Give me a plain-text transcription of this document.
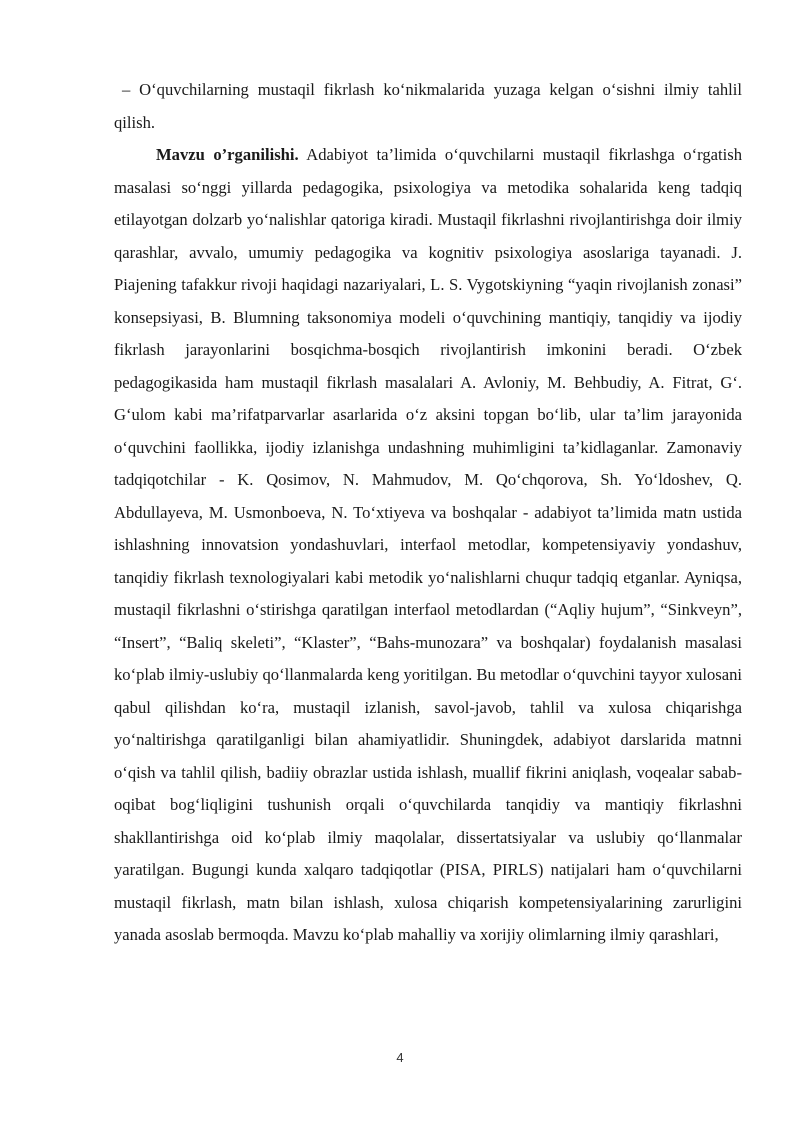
– O‘quvchilarning mustaqil fikrlash ko‘nikmalarida yuzaga kelgan o‘sishni ilmiy tahlil qilish.

Mavzu o’rganilishi. Adabiyot ta’limida o‘quvchilarni mustaqil fikrlashga o‘rgatish masalasi so‘nggi yillarda pedagogika, psixologiya va metodika sohalarida keng tadqiq etilayotgan dolzarb yo‘nalishlar qatoriga kiradi. Mustaqil fikrlashni rivojlantirishga doir ilmiy qarashlar, avvalo, umumiy pedagogika va kognitiv psixologiya asoslariga tayanadi. J. Piajening tafakkur rivoji haqidagi nazariyalari, L. S. Vygotskiyning “yaqin rivojlanish zonasi” konsepsiyasi, B. Blumning taksonomiya modeli o‘quvchining mantiqiy, tanqidiy va ijodiy fikrlash jarayonlarini bosqichma-bosqich rivojlantirish imkonini beradi. O‘zbek pedagogikasida ham mustaqil fikrlash masalalari A. Avloniy, M. Behbudiy, A. Fitrat, G‘. G‘ulom kabi ma’rifatparvarlar asarlarida o‘z aksini topgan bo‘lib, ular ta’lim jarayonida o‘quvchini faollikka, ijodiy izlanishga undashning muhimligini ta’kidlaganlar. Zamonaviy tadqiqotchilar - K. Qosimov, N. Mahmudov, M. Qo‘chqorova, Sh. Yo‘ldoshev, Q. Abdullayeva, M. Usmonboeva, N. To‘xtiyeva va boshqalar - adabiyot ta’limida matn ustida ishlashning innovatsion yondashuvlari, interfaol metodlar, kompetensiyaviy yondashuv, tanqidiy fikrlash texnologiyalari kabi metodik yo‘nalishlarni chuqur tadqiq etganlar. Ayniqsa, mustaqil fikrlashni o‘stirishga qaratilgan interfaol metodlardan (“Aqliy hujum”, “Sinkveyn”, “Insert”, “Baliq skeleti”, “Klaster”, “Bahs-munozara” va boshqalar) foydalanish masalasi ko‘plab ilmiy-uslubiy qo‘llanmalarda keng yoritilgan. Bu metodlar o‘quvchini tayyor xulosani qabul qilishdan ko‘ra, mustaqil izlanish, savol-javob, tahlil va xulosa chiqarishga yo‘naltirishga qaratilganligi bilan ahamiyatlidir. Shuningdek, adabiyot darslarida matnni o‘qish va tahlil qilish, badiiy obrazlar ustida ishlash, muallif fikrini aniqlash, voqealar sabab-oqibat bog‘liqligini tushunish orqali o‘quvchilarda tanqidiy va mantiqiy fikrlashni shakllantirishga oid ko‘plab ilmiy maqolalar, dissertatsiyalar va uslubiy qo‘llanmalar yaratilgan. Bugungi kunda xalqaro tadqiqotlar (PISA, PIRLS) natijalari ham o‘quvchilarni mustaqil fikrlash, matn bilan ishlash, xulosa chiqarish kompetensiyalarining zarurligini yanada asoslab bermoqda. Mavzu ko‘plab mahalliy va xorijiy olimlarning ilmiy qarashlari,

4
